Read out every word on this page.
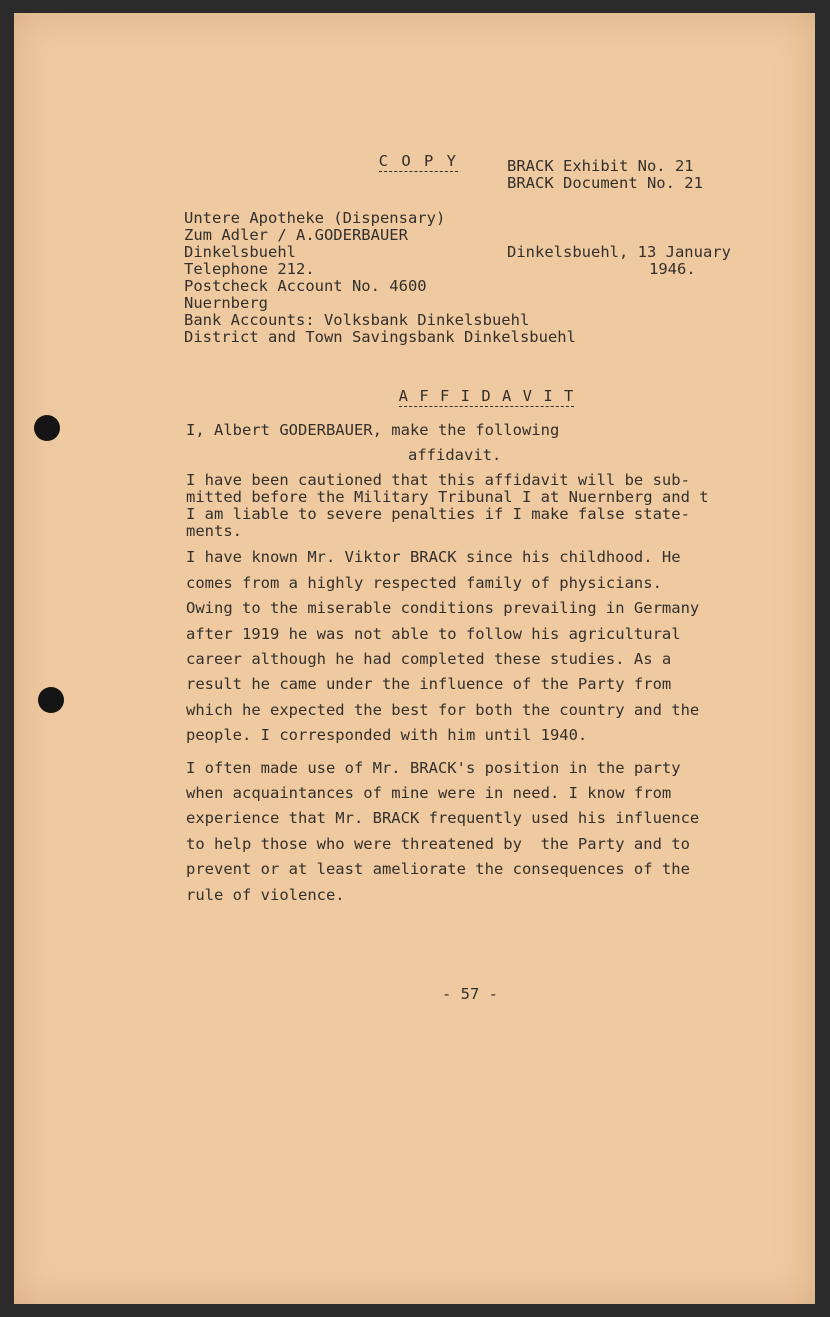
C O P Y	BRACK Exhibit No. 21
BRACK Document No. 21
Untere Apotheke (Dispensary)
Zum Adler / A.GODERBAUER
Dinkelsbuehl
Telephone 212.
Postcheck Account No. 4600
Nuernberg
Bank Accounts: Volksbank Dinkelsbuehl
District and Town Savingsbank Dinkelsbuehl
Dinkelsbuehl, 13 January
1946.

A F F I D A V I T

I, Albert GODERBAUER, make the following
affidavit.
I have been cautioned that this affidavit will be sub-
mitted before the Military Tribunal I at Nuernberg and t
I am liable to severe penalties if I make false state-
ments.
I have known Mr. Viktor BRACK since his childhood. He
comes from a highly respected family of physicians.
Owing to the miserable conditions prevailing in Germany
after 1919 he was not able to follow his agricultural
career although he had completed these studies. As a
result he came under the influence of the Party from
which he expected the best for both the country and the
people. I corresponded with him until 1940.
I often made use of Mr. BRACK's position in the party
when acquaintances of mine were in need. I know from
experience that Mr. BRACK frequently used his influence
to help those who were threatened by  the Party and to
prevent or at least ameliorate the consequences of the
rule of violence.
- 57 -
